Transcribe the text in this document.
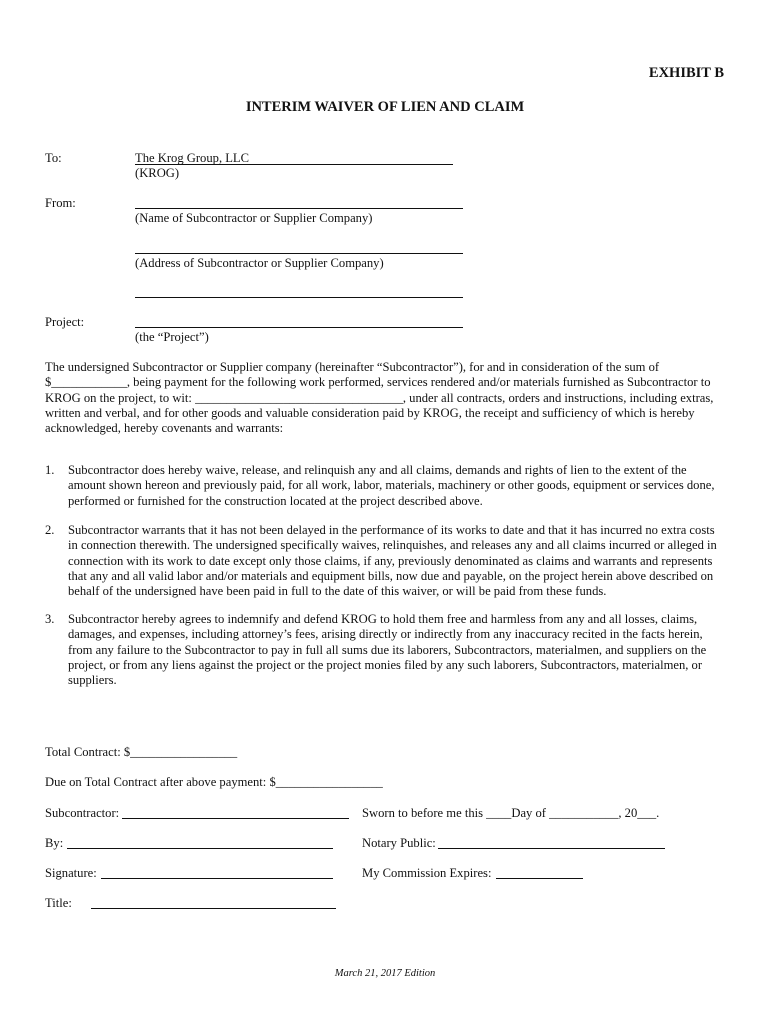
EXHIBIT B
INTERIM WAIVER OF LIEN AND CLAIM
To:	The Krog Group, LLC
(KROG)
From:
(Name of Subcontractor or Supplier Company)
(Address of Subcontractor or Supplier Company)
Project:
(the “Project”)
The undersigned Subcontractor or Supplier company (hereinafter “Subcontractor”), for and in consideration of the sum of
$____________, being payment for the following work performed, services rendered and/or materials furnished as Subcontractor to
KROG on the project, to wit: _________________________________, under all contracts, orders and instructions, including extras,
written and verbal, and for other goods and valuable consideration paid by KROG, the receipt and sufficiency of which is hereby
acknowledged, hereby covenants and warrants:
1. Subcontractor does hereby waive, release, and relinquish any and all claims, demands and rights of lien to the extent of the
amount shown hereon and previously paid, for all work, labor, materials, machinery or other goods, equipment or services done,
performed or furnished for the construction located at the project described above.
2. Subcontractor warrants that it has not been delayed in the performance of its works to date and that it has incurred no extra costs
in connection therewith. The undersigned specifically waives, relinquishes, and releases any and all claims incurred or alleged in
connection with its work to date except only those claims, if any, previously denominated as claims and warrants and represents
that any and all valid labor and/or materials and equipment bills, now due and payable, on the project herein above described on
behalf of the undersigned have been paid in full to the date of this waiver, or will be paid from these funds.
3. Subcontractor hereby agrees to indemnify and defend KROG to hold them free and harmless from any and all losses, claims,
damages, and expenses, including attorney’s fees, arising directly or indirectly from any inaccuracy recited in the facts herein,
from any failure to the Subcontractor to pay in full all sums due its laborers, Subcontractors, materialmen, and suppliers on the
project, or from any liens against the project or the project monies filed by any such laborers, Subcontractors, materialmen, or
suppliers.
Total Contract: $_________________
Due on Total Contract after above payment: $_________________
Subcontractor:
By:
Signature:
Title:
Sworn to before me this ____Day of ___________, 20___.
Notary Public:
My Commission Expires:
March 21, 2017 Edition
